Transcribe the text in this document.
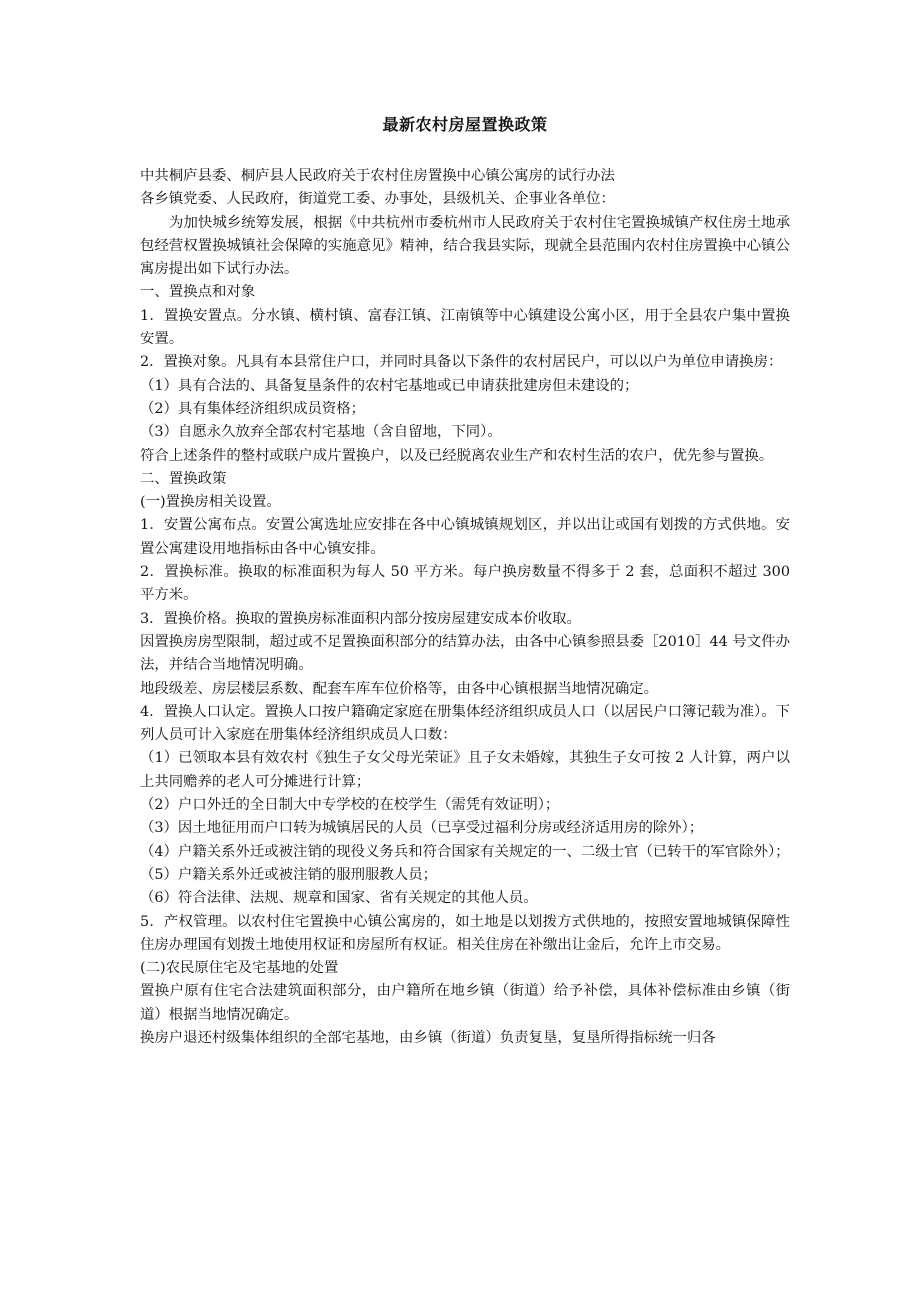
最新农村房屋置换政策

中共桐庐县委、桐庐县人民政府关于农村住房置换中心镇公寓房的试行办法

各乡镇党委、人民政府，街道党工委、办事处，县级机关、企事业各单位：

为加快城乡统筹发展，根据《中共杭州市委杭州市人民政府关于农村住宅置换城镇产权住房土地承包经营权置换城镇社会保障的实施意见》精神，结合我县实际，现就全县范围内农村住房置换中心镇公寓房提出如下试行办法。

一、置换点和对象

1．置换安置点。分水镇、横村镇、富春江镇、江南镇等中心镇建设公寓小区，用于全县农户集中置换安置。

2．置换对象。凡具有本县常住户口，并同时具备以下条件的农村居民户，可以以户为单位申请换房：

（1）具有合法的、具备复垦条件的农村宅基地或已申请获批建房但未建设的；

（2）具有集体经济组织成员资格；

（3）自愿永久放弃全部农村宅基地（含自留地，下同）。

符合上述条件的整村或联户成片置换户，以及已经脱离农业生产和农村生活的农户，优先参与置换。

二、置换政策

(一)置换房相关设置。

1．安置公寓布点。安置公寓选址应安排在各中心镇城镇规划区，并以出让或国有划拨的方式供地。安置公寓建设用地指标由各中心镇安排。

2．置换标准。换取的标准面积为每人 50 平方米。每户换房数量不得多于 2 套，总面积不超过 300 平方米。

3．置换价格。换取的置换房标准面积内部分按房屋建安成本价收取。

因置换房房型限制，超过或不足置换面积部分的结算办法，由各中心镇参照县委［2010］44 号文件办法，并结合当地情况明确。

地段级差、房层楼层系数、配套车库车位价格等，由各中心镇根据当地情况确定。

4．置换人口认定。置换人口按户籍确定家庭在册集体经济组织成员人口（以居民户口簿记载为准）。下列人员可计入家庭在册集体经济组织成员人口数：

（1）已领取本县有效农村《独生子女父母光荣证》且子女未婚嫁，其独生子女可按 2 人计算，两户以上共同赡养的老人可分摊进行计算；

（2）户口外迁的全日制大中专学校的在校学生（需凭有效证明）；

（3）因土地征用而户口转为城镇居民的人员（已享受过福利分房或经济适用房的除外）；

（4）户籍关系外迁或被注销的现役义务兵和符合国家有关规定的一、二级士官（已转干的军官除外）；

（5）户籍关系外迁或被注销的服刑服教人员；

（6）符合法律、法规、规章和国家、省有关规定的其他人员。

5．产权管理。以农村住宅置换中心镇公寓房的，如土地是以划拨方式供地的，按照安置地城镇保障性住房办理国有划拨土地使用权证和房屋所有权证。相关住房在补缴出让金后，允许上市交易。

(二)农民原住宅及宅基地的处置

置换户原有住宅合法建筑面积部分，由户籍所在地乡镇（街道）给予补偿，具体补偿标准由乡镇（街道）根据当地情况确定。

换房户退还村级集体组织的全部宅基地，由乡镇（街道）负责复垦，复垦所得指标统一归各
